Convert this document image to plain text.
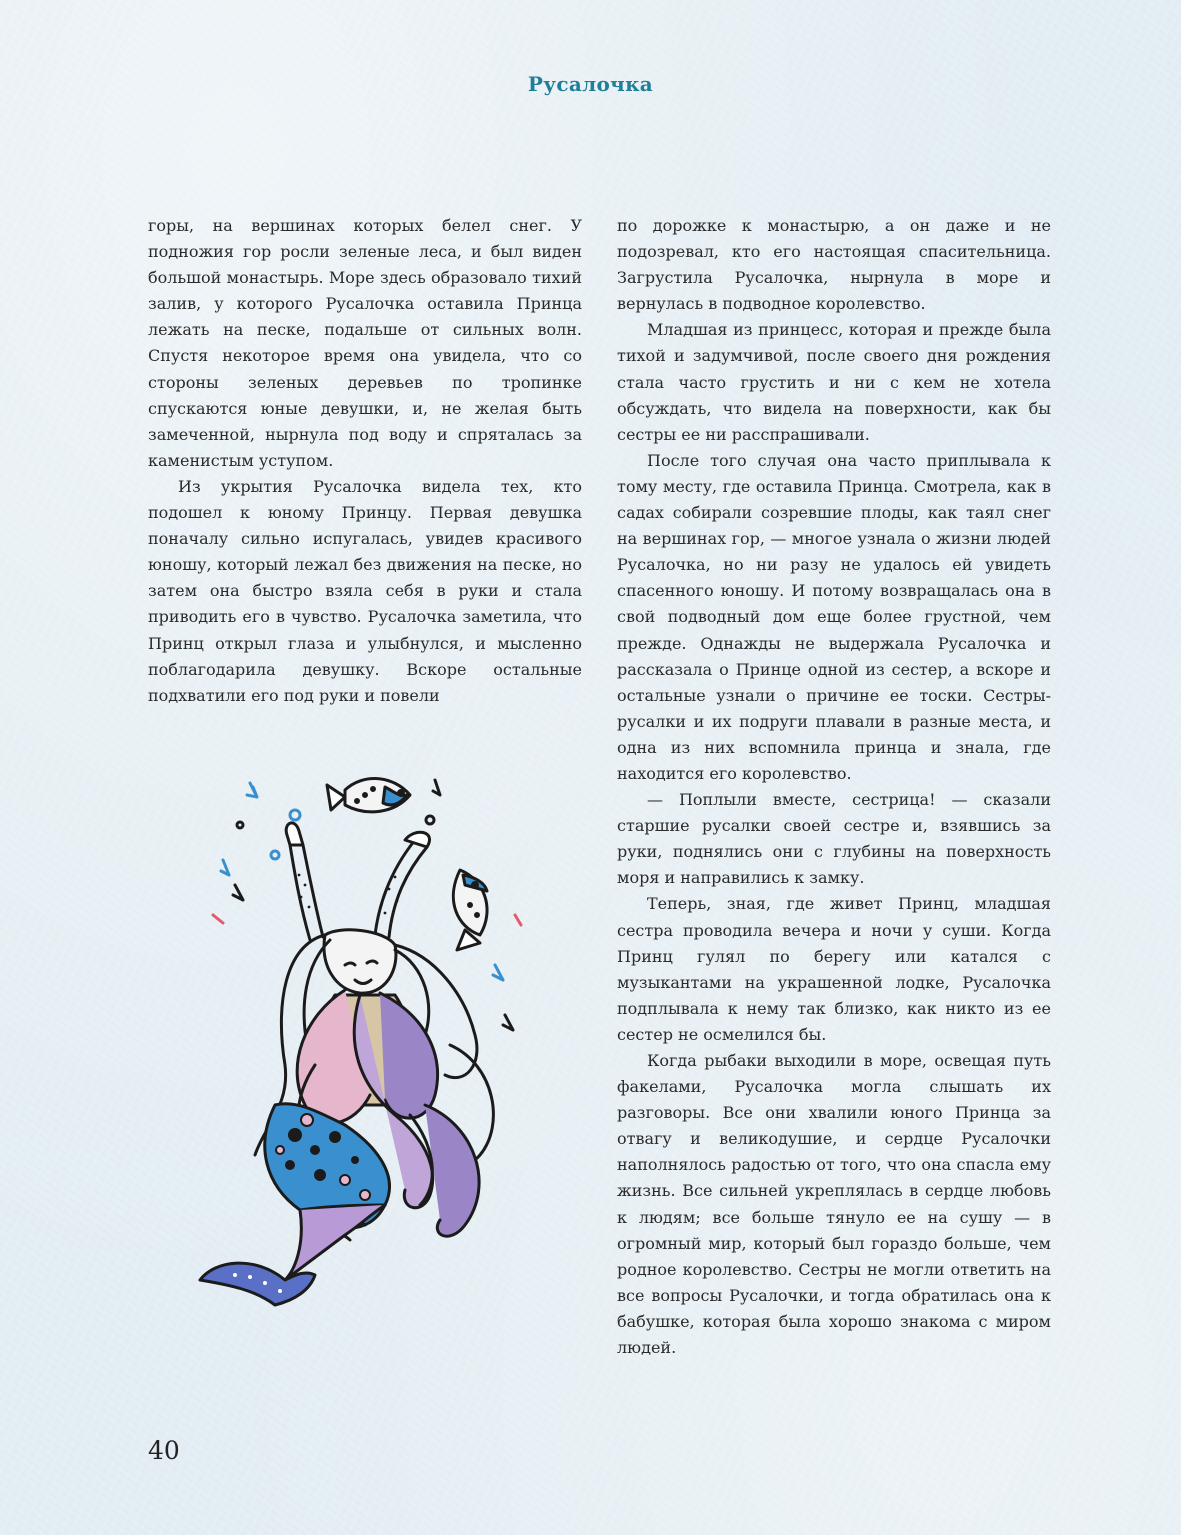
Русалочка

горы, на вершинах которых белел снег. У подножия гор росли зеленые леса, и был виден большой монастырь. Море здесь образовало тихий залив, у которого Русалочка оставила Принца лежать на песке, подальше от сильных волн. Спустя некоторое время она увидела, что со стороны зеленых деревьев по тропинке спускаются юные девушки, и, не желая быть замеченной, нырнула под воду и спряталась за каменистым уступом.

Из укрытия Русалочка видела тех, кто подошел к юному Принцу. Первая девушка поначалу сильно испугалась, увидев красивого юношу, который лежал без движения на песке, но затем она быстро взяла себя в руки и стала приводить его в чувство. Русалочка заметила, что Принц открыл глаза и улыбнулся, и мысленно поблагодарила девушку. Вскоре остальные подхватили его под руки и повели

по дорожке к монастырю, а он даже и не подозревал, кто его настоящая спасительница. Загрустила Русалочка, нырнула в море и вернулась в подводное королевство.

Младшая из принцесс, которая и прежде была тихой и задумчивой, после своего дня рождения стала часто грустить и ни с кем не хотела обсуждать, что видела на поверхности, как бы сестры ее ни расспрашивали.

После того случая она часто приплывала к тому месту, где оставила Принца. Смотрела, как в садах собирали созревшие плоды, как таял снег на вершинах гор, — многое узнала о жизни людей Русалочка, но ни разу не удалось ей увидеть спасенного юношу. И потому возвращалась она в свой подводный дом еще более грустной, чем прежде. Однажды не выдержала Русалочка и рассказала о Принце одной из сестер, а вскоре и остальные узнали о причине ее тоски. Сестры-русалки и их подруги плавали в разные места, и одна из них вспомнила принца и знала, где находится его королевство.

— Поплыли вместе, сестрица! — сказали старшие русалки своей сестре и, взявшись за руки, поднялись они с глубины на поверхность моря и направились к замку.

Теперь, зная, где живет Принц, младшая сестра проводила вечера и ночи у суши. Когда Принц гулял по берегу или катался с музыкантами на украшенной лодке, Русалочка подплывала к нему так близко, как никто из ее сестер не осмелился бы.

Когда рыбаки выходили в море, освещая путь факелами, Русалочка могла слышать их разговоры. Все они хвалили юного Принца за отвагу и великодушие, и сердце Русалочки наполнялось радостью от того, что она спасла ему жизнь. Все сильней укреплялась в сердце любовь к людям; все больше тянуло ее на сушу — в огромный мир, который был гораздо больше, чем родное королевство. Сестры не могли ответить на все вопросы Русалочки, и тогда обратилась она к бабушке, которая была хорошо знакома с миром людей.

40
